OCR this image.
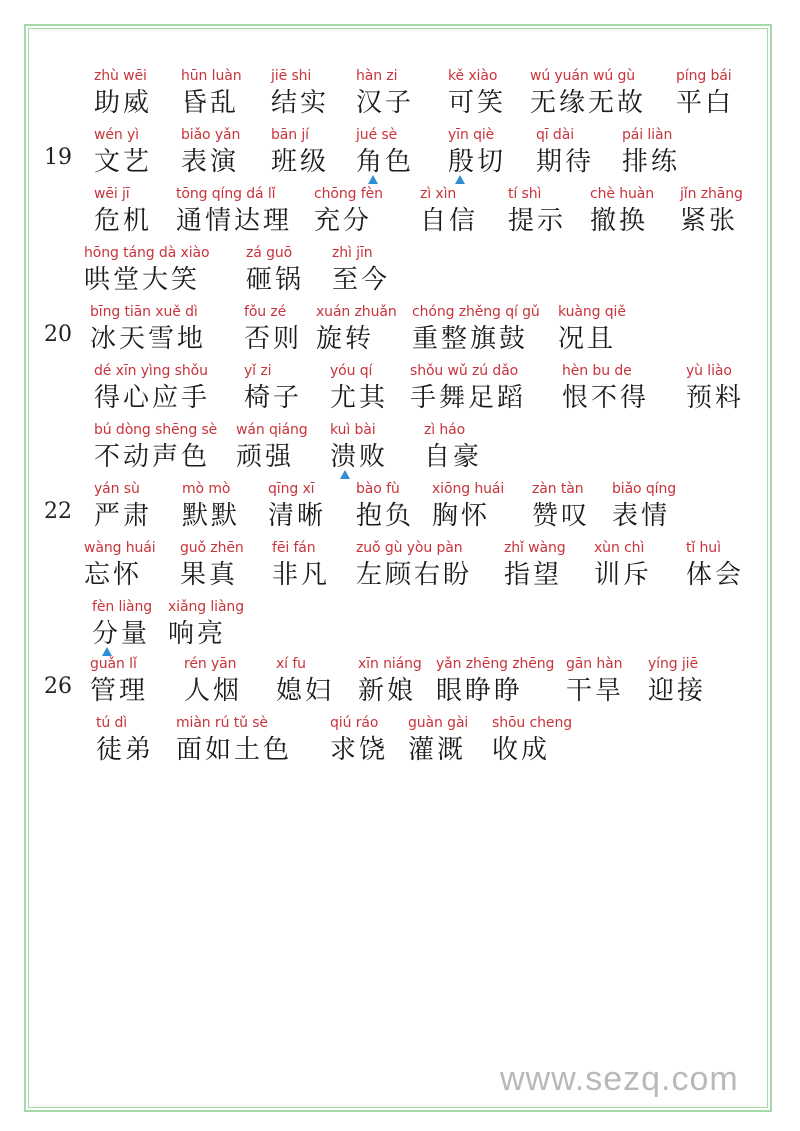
zhù wēi
助威
hūn luàn
昏乱
jiē shi
结实
hàn zi
汉子
kě xiào
可笑
wú yuán wú gù
无缘无故
píng bái
平白
19
wén yì
文艺
biǎo yǎn
表演
bān jí
班级
jué sè
角色
yīn qiè
殷切
qī dài
期待
pái liàn
排练
wēi jī
危机
tōng qíng dá lǐ
通情达理
chōng fèn
充分
zì xìn
自信
tí shì
提示
chè huàn
撤换
jǐn zhāng
紧张
hōng táng dà xiào
哄堂大笑
zá guō
砸锅
zhì jīn
至今
20
bīng tiān xuě dì
冰天雪地
fǒu zé
否则
xuán zhuǎn
旋转
chóng zhěng qí gǔ
重整旗鼓
kuàng qiě
况且
dé xīn yìng shǒu
得心应手
yǐ zi
椅子
yóu qí
尤其
shǒu wǔ zú dǎo
手舞足蹈
hèn bu de
恨不得
yù liào
预料
bú dòng shēng sè
不动声色
wán qiáng
顽强
kuì bài
溃败
zì háo
自豪
22
yán sù
严肃
mò mò
默默
qīng xī
清晰
bào fù
抱负
xiōng huái
胸怀
zàn tàn
赞叹
biǎo qíng
表情
wàng huái
忘怀
guǒ zhēn
果真
fēi fán
非凡
zuǒ gù yòu pàn
左顾右盼
zhǐ wàng
指望
xùn chì
训斥
tǐ huì
体会
fèn liàng
分量
xiǎng liàng
响亮
26
guǎn lǐ
管理
rén yān
人烟
xí fu
媳妇
xīn niáng
新娘
yǎn zhēng zhēng
眼睁睁
gān hàn
干旱
yíng jiē
迎接
tú dì
徒弟
miàn rú tǔ sè
面如土色
qiú ráo
求饶
guàn gài
灌溉
shōu cheng
收成
www.sezq.com
